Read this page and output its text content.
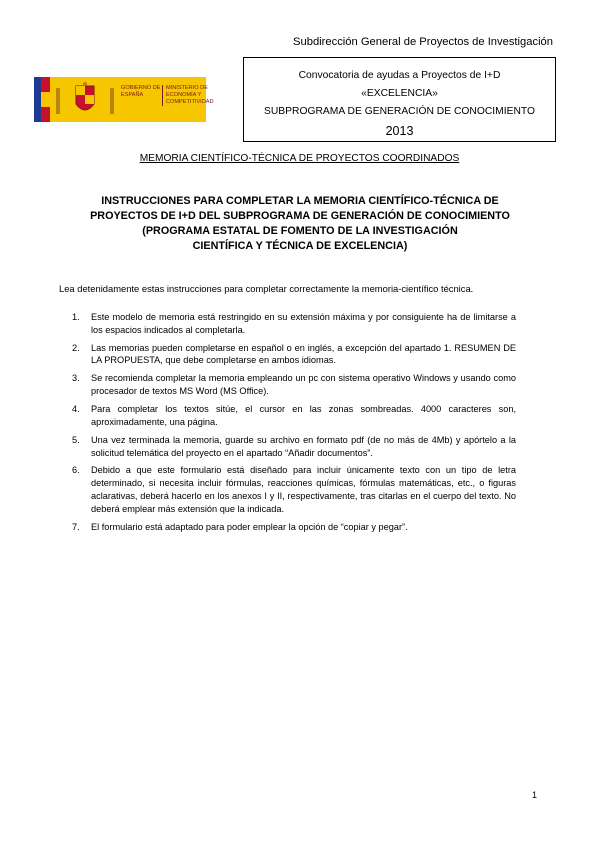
Subdirección General de Proyectos de Investigación
GOBIERNO DE ESPAÑA
MINISTERIO DE ECONOMÍA Y COMPETITIVIDAD
Convocatoria de ayudas a Proyectos de I+D
«EXCELENCIA»
SUBPROGRAMA DE GENERACIÓN DE CONOCIMIENTO
2013
MEMORIA CIENTÍFICO-TÉCNICA DE PROYECTOS COORDINADOS
INSTRUCCIONES PARA COMPLETAR LA MEMORIA CIENTÍFICO-TÉCNICA DE
PROYECTOS DE I+D DEL SUBPROGRAMA DE GENERACIÓN DE CONOCIMIENTO
(PROGRAMA ESTATAL DE FOMENTO DE LA INVESTIGACIÓN
CIENTÍFICA Y TÉCNICA DE EXCELENCIA)
Lea detenidamente estas instrucciones para completar correctamente la memoria-científico técnica.
1. Este modelo de memoria está restringido en su extensión máxima y por consiguiente ha de limitarse a los espacios indicados al completarla.
2. Las memorias pueden completarse en español o en inglés, a excepción del apartado 1. RESUMEN DE LA PROPUESTA, que debe completarse en ambos idiomas.
3. Se recomienda completar la memoria empleando un pc con sistema operativo Windows y usando como procesador de textos MS Word (MS Office).
4. Para completar los textos sitúe, el cursor en las zonas sombreadas. 4000 caracteres son, aproximadamente, una página.
5. Una vez terminada la memoria, guarde su archivo en formato pdf (de no más de 4Mb) y apórtelo a la solicitud telemática del proyecto en el apartado “Añadir documentos”.
6. Debido a que este formulario está diseñado para incluir únicamente texto con un tipo de letra determinado, si necesita incluir fórmulas, reacciones químicas, fórmulas matemáticas, etc., o figuras aclarativas, deberá hacerlo en los anexos I y II, respectivamente, tras citarlas en el cuerpo del texto. No deberá emplear más extensión que la indicada.
7. El formulario está adaptado para poder emplear la opción de “copiar y pegar”.
1
